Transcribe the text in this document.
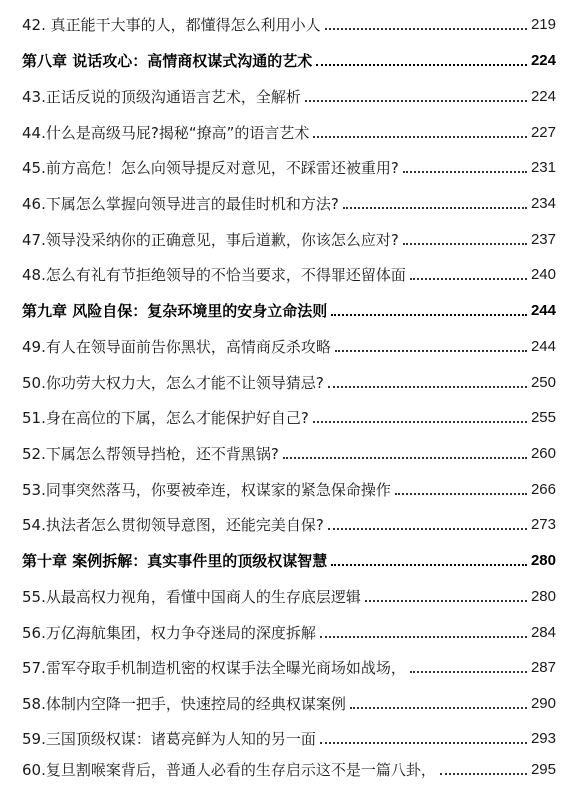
42. 真正能干大事的人，都懂得怎么利用小人	219
第八章 说话攻心：高情商权谋式沟通的艺术	224
43.正话反说的顶级沟通语言艺术，全解析	224
44.什么是高级马屁?揭秘“撩高”的语言艺术	227
45.前方高危！怎么向领导提反对意见，不踩雷还被重用?	231
46.下属怎么掌握向领导进言的最佳时机和方法?	234
47.领导没采纳你的正确意见，事后道歉，你该怎么应对?	237
48.怎么有礼有节拒绝领导的不恰当要求，不得罪还留体面	240
第九章 风险自保：复杂环境里的安身立命法则	244
49.有人在领导面前告你黑状，高情商反杀攻略	244
50.你功劳大权力大，怎么才能不让领导猜忌?	250
51.身在高位的下属，怎么才能保护好自己?	255
52.下属怎么帮领导挡枪，还不背黑锅?	260
53.同事突然落马，你要被牵连，权谋家的紧急保命操作	266
54.执法者怎么贯彻领导意图，还能完美自保?	273
第十章 案例拆解：真实事件里的顶级权谋智慧	280
55.从最高权力视角，看懂中国商人的生存底层逻辑	280
56.万亿海航集团，权力争夺迷局的深度拆解	284
57.雷军夺取手机制造机密的权谋手法全曝光商场如战场，	287
58.体制内空降一把手，快速控局的经典权谋案例	290
59.三国顶级权谋：诸葛亮鲜为人知的另一面	293
60.复旦割喉案背后，普通人必看的生存启示这不是一篇八卦，	295
